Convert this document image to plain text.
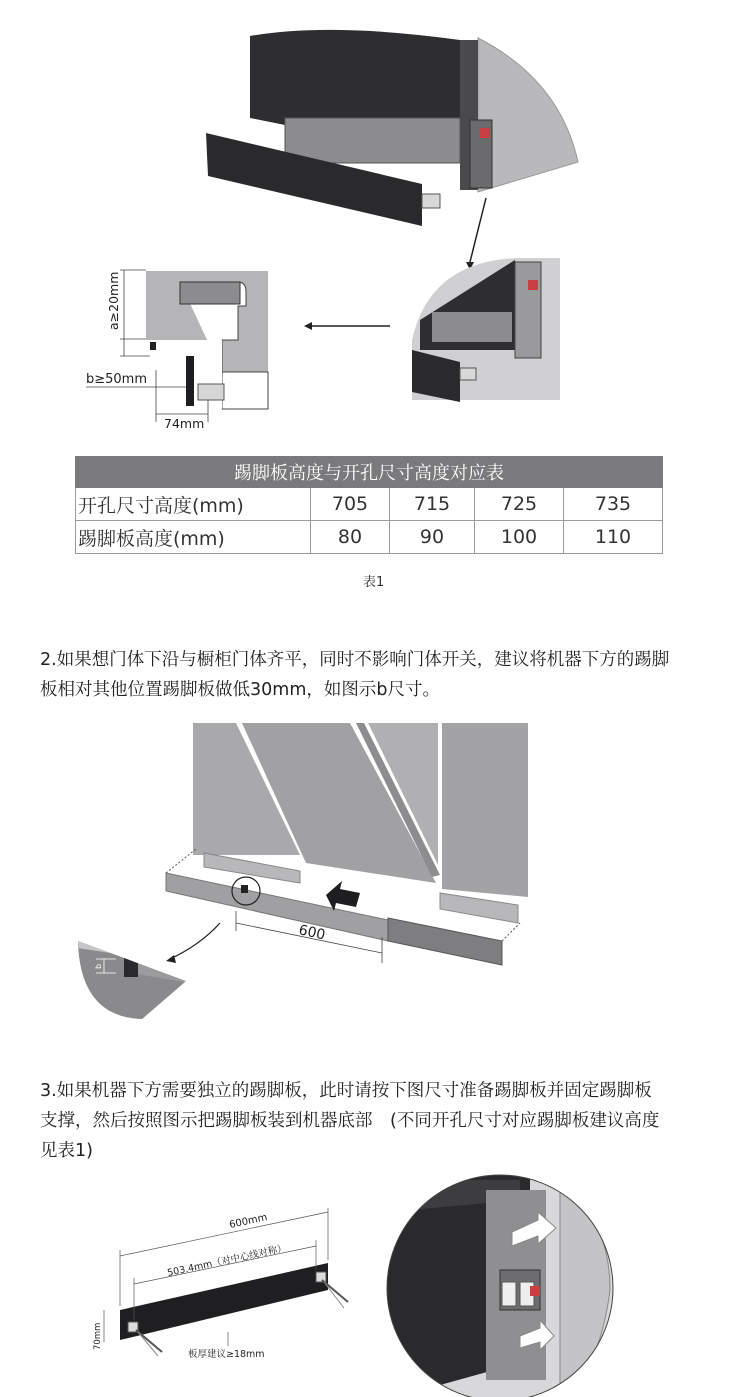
a≥20mm
b≥50mm
74mm
踢脚板高度与开孔尺寸高度对应表				
开孔尺寸高度(mm)	705	715	725	735
踢脚板高度(mm)	80	90	100	110
表1
2.如果想门体下沿与橱柜门体齐平，同时不影响门体开关，建议将机器下方的踢脚
板相对其他位置踢脚板做低30mm，如图示b尺寸。
600
b
3.如果机器下方需要独立的踢脚板，此时请按下图尺寸准备踢脚板并固定踢脚板
支撑，然后按照图示把踢脚板装到机器底部　(不同开孔尺寸对应踢脚板建议高度
见表1)
600mm
503.4mm（对中心线对称）
70mm
板厚建议≥18mm
